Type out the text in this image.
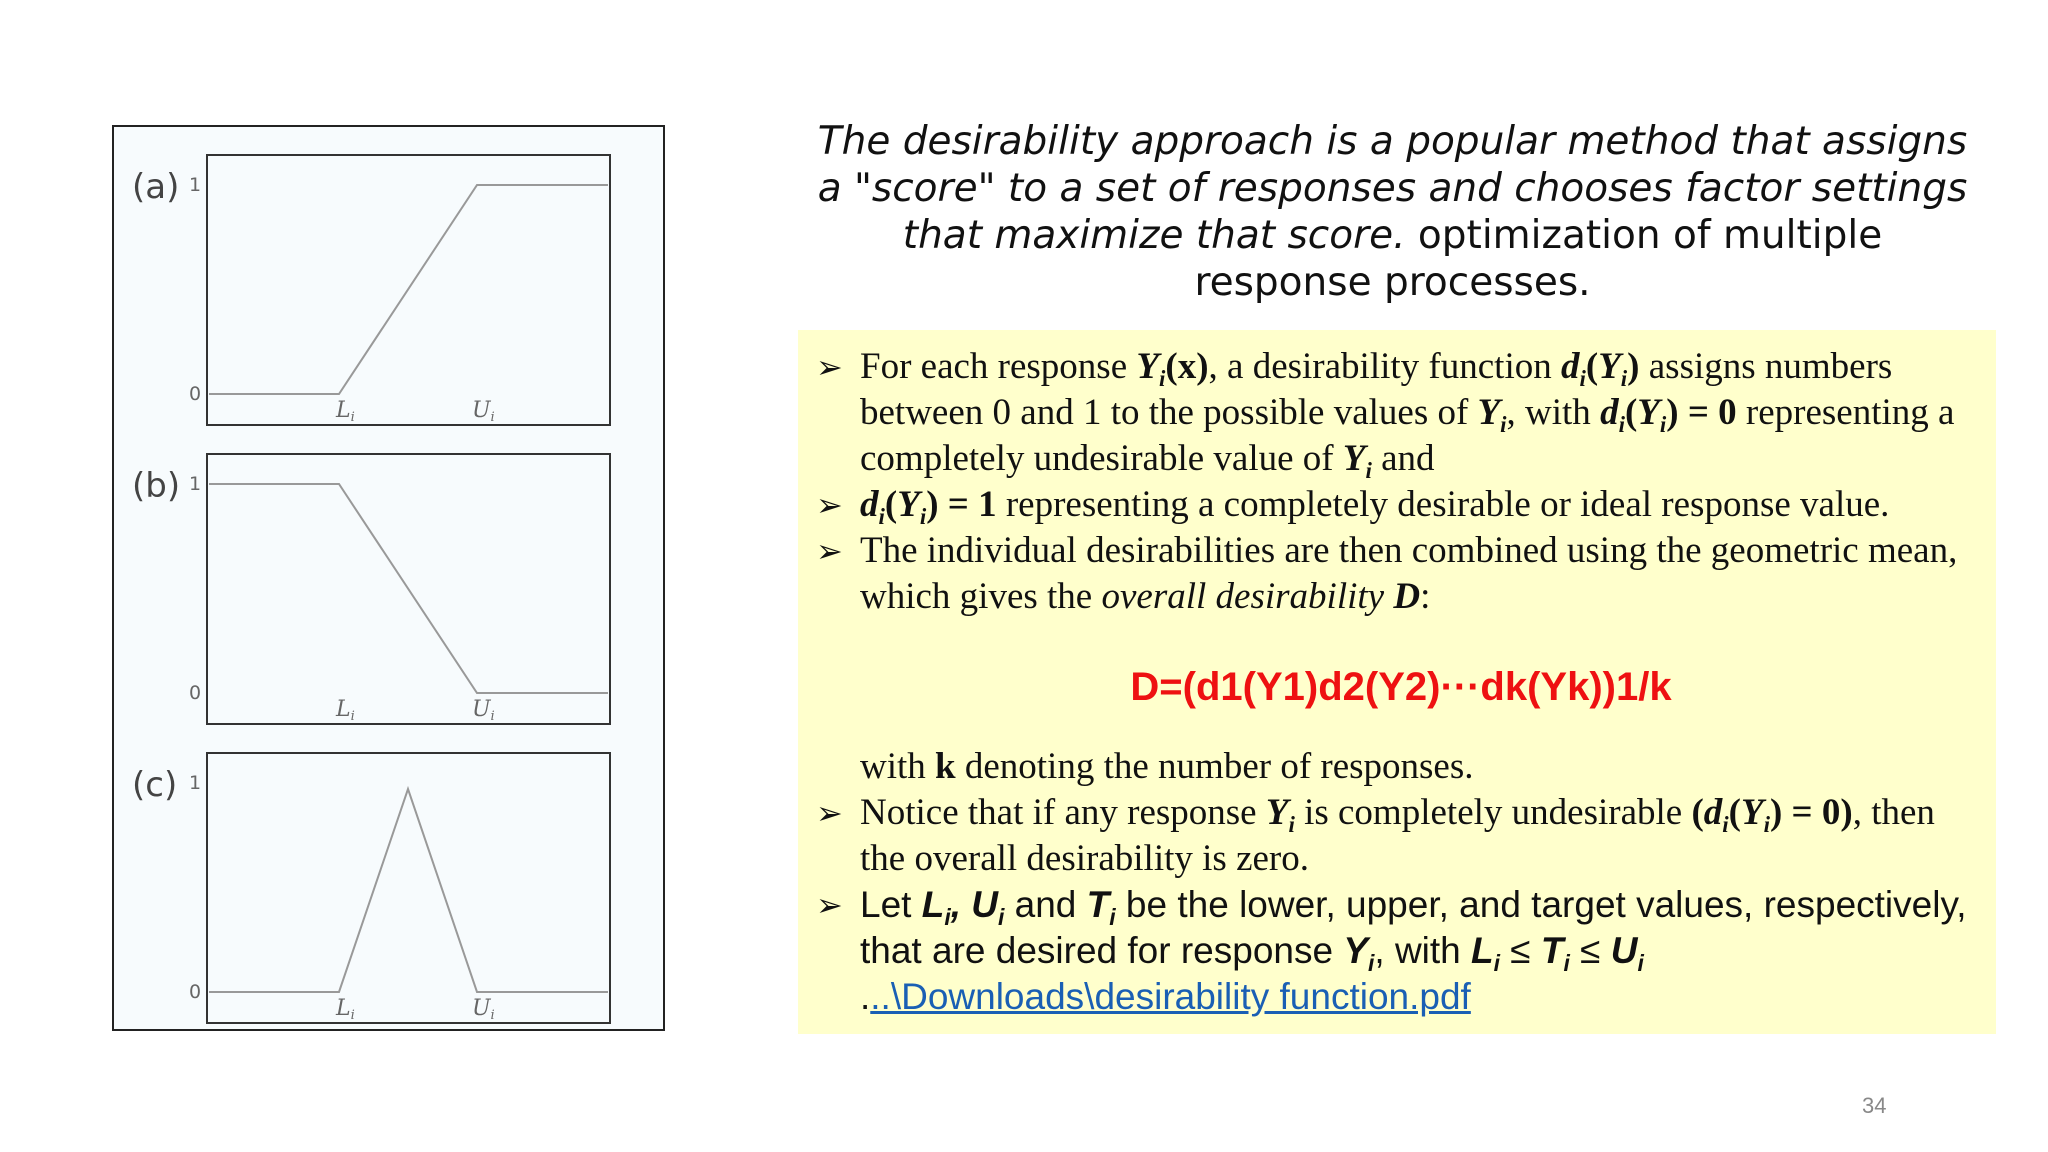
(a) 1
0
Li	Ui
(b) 1
0
Li	Ui
(c) 1
0
Li	Ui
The desirability approach is a popular method that assigns a "score" to a set of responses and chooses factor settings that maximize that score. optimization of multiple response processes.
➢ For each response $Y_i(x)$, a desirability function $d_i(Y_i)$ assigns numbers between 0 and 1 to the possible values of $Y_i$, with $d_i(Y_i) = 0$ representing a completely undesirable value of $Y_i$ and
➢ $d_i(Y_i) = 1$ representing a completely desirable or ideal response value.
➢ The individual desirabilities are then combined using the geometric mean, which gives the overall desirability D:
D=(d1(Y1)d2(Y2)···dk(Yk))1/k
with k denoting the number of responses.
➢ Notice that if any response $Y_i$ is completely undesirable $(d_i(Y_i) = 0)$, then the overall desirability is zero.
➢ Let $L_i$, $U_i$ and $T_i$ be the lower, upper, and target values, respectively, that are desired for response $Y_i$, with $L_i \le T_i \le U_i$
...\Downloads\desirability function.pdf
34
